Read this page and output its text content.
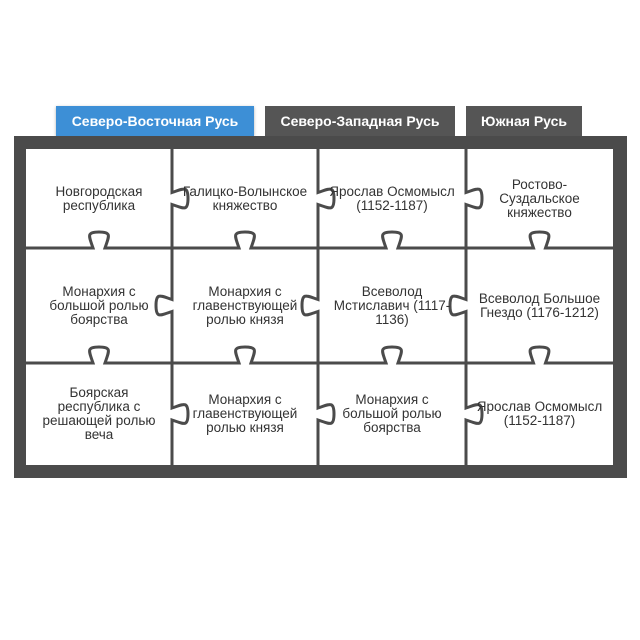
Северо-Восточная Русь	Северо-Западная Русь	Южная Русь
Новгородская республика
Галицко-Волынское княжество
Ярослав Осмомысл (1152-1187)
Ростово-Суздальское княжество
Монархия с большой ролью боярства
Монархия с главенствующей ролью князя
Всеволод Мстиславич (1117-1136)
Всеволод Большое Гнездо (1176-1212)
Боярская республика с решающей ролью веча
Монархия с главенствующей ролью князя
Монархия с большой ролью боярства
Ярослав Осмомысл (1152-1187)
